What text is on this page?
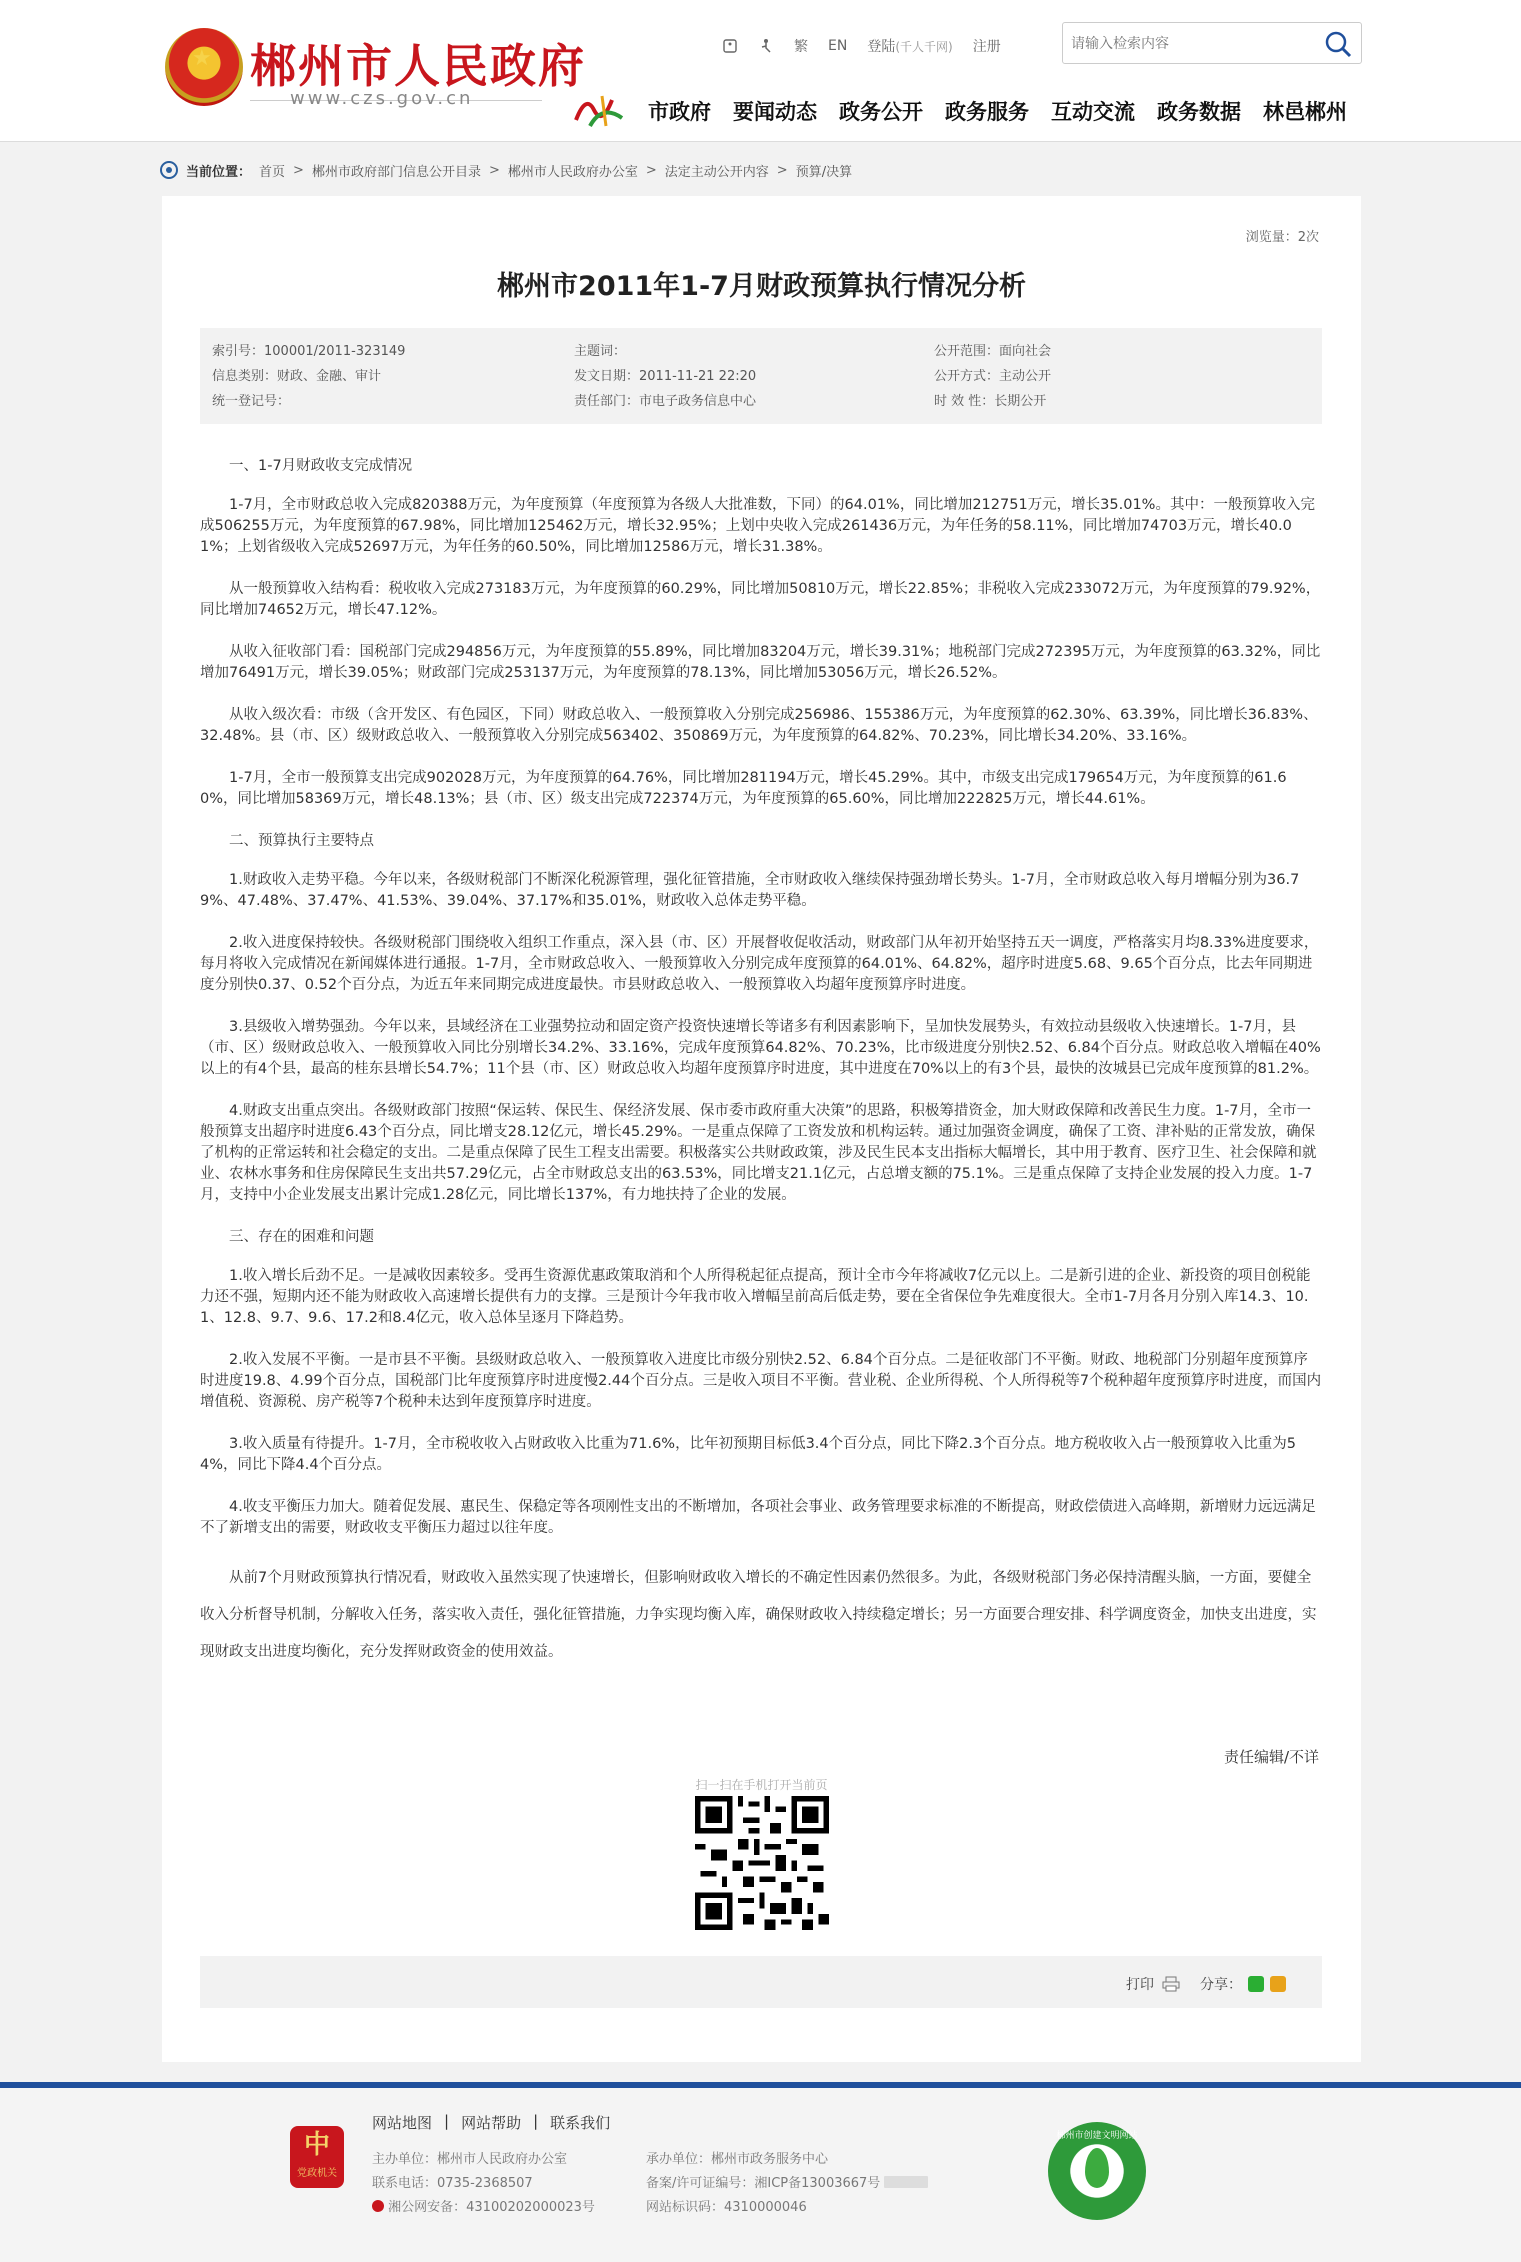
★
郴州市人民政府
www.czs.gov.cn
繁 EN 登陆(千人千网) 注册
请输入检索内容
市政府 要闻动态 政务公开 政务服务 互动交流 政务数据 林邑郴州
当前位置： 首页 > 郴州市政府部门信息公开目录 > 郴州市人民政府办公室 > 法定主动公开内容 > 预算/决算
浏览量：2次
郴州市2011年1-7月财政预算执行情况分析
索引号：100001/2011-323149	主题词：	公开范围：面向社会
信息类别：财政、金融、审计	发文日期：2011-11-21 22:20	公开方式：主动公开
统一登记号：	责任部门：市电子政务信息中心	时 效 性：长期公开

一、1-7月财政收支完成情况

1-7月，全市财政总收入完成820388万元，为年度预算（年度预算为各级人大批准数，下同）的64.01%，同比增加212751万元，增长35.01%。其中：一般预算收入完成506255万元，为年度预算的67.98%，同比增加125462万元，增长32.95%；上划中央收入完成261436万元，为年任务的58.11%，同比增加74703万元，增长40.01%；上划省级收入完成52697万元，为年任务的60.50%，同比增加12586万元，增长31.38%。

从一般预算收入结构看：税收收入完成273183万元，为年度预算的60.29%，同比增加50810万元，增长22.85%；非税收入完成233072万元，为年度预算的79.92%，同比增加74652万元，增长47.12%。

从收入征收部门看：国税部门完成294856万元，为年度预算的55.89%，同比增加83204万元，增长39.31%；地税部门完成272395万元，为年度预算的63.32%，同比增加76491万元，增长39.05%；财政部门完成253137万元，为年度预算的78.13%，同比增加53056万元，增长26.52%。

从收入级次看：市级（含开发区、有色园区，下同）财政总收入、一般预算收入分别完成256986、155386万元，为年度预算的62.30%、63.39%，同比增长36.83%、32.48%。县（市、区）级财政总收入、一般预算收入分别完成563402、350869万元，为年度预算的64.82%、70.23%，同比增长34.20%、33.16%。

1-7月，全市一般预算支出完成902028万元，为年度预算的64.76%，同比增加281194万元，增长45.29%。其中，市级支出完成179654万元，为年度预算的61.60%，同比增加58369万元，增长48.13%；县（市、区）级支出完成722374万元，为年度预算的65.60%，同比增加222825万元，增长44.61%。

二、预算执行主要特点

1.财政收入走势平稳。今年以来，各级财税部门不断深化税源管理，强化征管措施，全市财政收入继续保持强劲增长势头。1-7月，全市财政总收入每月增幅分别为36.79%、47.48%、37.47%、41.53%、39.04%、37.17%和35.01%，财政收入总体走势平稳。

2.收入进度保持较快。各级财税部门围绕收入组织工作重点，深入县（市、区）开展督收促收活动，财政部门从年初开始坚持五天一调度，严格落实月均8.33%进度要求，每月将收入完成情况在新闻媒体进行通报。1-7月，全市财政总收入、一般预算收入分别完成年度预算的64.01%、64.82%，超序时进度5.68、9.65个百分点，比去年同期进度分别快0.37、0.52个百分点，为近五年来同期完成进度最快。市县财政总收入、一般预算收入均超年度预算序时进度。

3.县级收入增势强劲。今年以来，县域经济在工业强势拉动和固定资产投资快速增长等诸多有利因素影响下，呈加快发展势头，有效拉动县级收入快速增长。1-7月，县（市、区）级财政总收入、一般预算收入同比分别增长34.2%、33.16%，完成年度预算64.82%、70.23%，比市级进度分别快2.52、6.84个百分点。财政总收入增幅在40%以上的有4个县，最高的桂东县增长54.7%；11个县（市、区）财政总收入均超年度预算序时进度，其中进度在70%以上的有3个县，最快的汝城县已完成年度预算的81.2%。

4.财政支出重点突出。各级财政部门按照“保运转、保民生、保经济发展、保市委市政府重大决策”的思路，积极筹措资金，加大财政保障和改善民生力度。1-7月，全市一般预算支出超序时进度6.43个百分点，同比增支28.12亿元，增长45.29%。一是重点保障了工资发放和机构运转。通过加强资金调度，确保了工资、津补贴的正常发放，确保了机构的正常运转和社会稳定的支出。二是重点保障了民生工程支出需要。积极落实公共财政政策，涉及民生民本支出指标大幅增长，其中用于教育、医疗卫生、社会保障和就业、农林水事务和住房保障民生支出共57.29亿元，占全市财政总支出的63.53%，同比增支21.1亿元，占总增支额的75.1%。三是重点保障了支持企业发展的投入力度。1-7月，支持中小企业发展支出累计完成1.28亿元，同比增长137%，有力地扶持了企业的发展。

三、存在的困难和问题

1.收入增长后劲不足。一是减收因素较多。受再生资源优惠政策取消和个人所得税起征点提高，预计全市今年将减收7亿元以上。二是新引进的企业、新投资的项目创税能力还不强，短期内还不能为财政收入高速增长提供有力的支撑。三是预计今年我市收入增幅呈前高后低走势，要在全省保位争先难度很大。全市1-7月各月分别入库14.3、10.1、12.8、9.7、9.6、17.2和8.4亿元，收入总体呈逐月下降趋势。

2.收入发展不平衡。一是市县不平衡。县级财政总收入、一般预算收入进度比市级分别快2.52、6.84个百分点。二是征收部门不平衡。财政、地税部门分别超年度预算序时进度19.8、4.99个百分点，国税部门比年度预算序时进度慢2.44个百分点。三是收入项目不平衡。营业税、企业所得税、个人所得税等7个税种超年度预算序时进度，而国内增值税、资源税、房产税等7个税种未达到年度预算序时进度。

3.收入质量有待提升。1-7月，全市税收收入占财政收入比重为71.6%，比年初预期目标低3.4个百分点，同比下降2.3个百分点。地方税收收入占一般预算收入比重为54%，同比下降4.4个百分点。

4.收支平衡压力加大。随着促发展、惠民生、保稳定等各项刚性支出的不断增加，各项社会事业、政务管理要求标准的不断提高，财政偿债进入高峰期，新增财力远远满足不了新增支出的需要，财政收支平衡压力超过以往年度。

从前7个月财政预算执行情况看，财政收入虽然实现了快速增长，但影响财政收入增长的不确定性因素仍然很多。为此，各级财税部门务必保持清醒头脑，一方面，要健全收入分析督导机制，分解收入任务，落实收入责任，强化征管措施，力争实现均衡入库，确保财政收入持续稳定增长；另一方面要合理安排、科学调度资金，加快支出进度，实现财政支出进度均衡化，充分发挥财政资金的使用效益。

责任编辑/不详
扫一扫在手机打开当前页
打印	分享：
中
党政机关
网站地图 | 网站帮助 | 联系我们
主办单位：郴州市人民政府办公室
联系电话：0735-2368507
湘公网安备：43100202000023号
承办单位：郴州市政务服务中心
备案/许可证编号：湘ICP备13003667号
网站标识码：4310000046
郴州市创建文明网站
